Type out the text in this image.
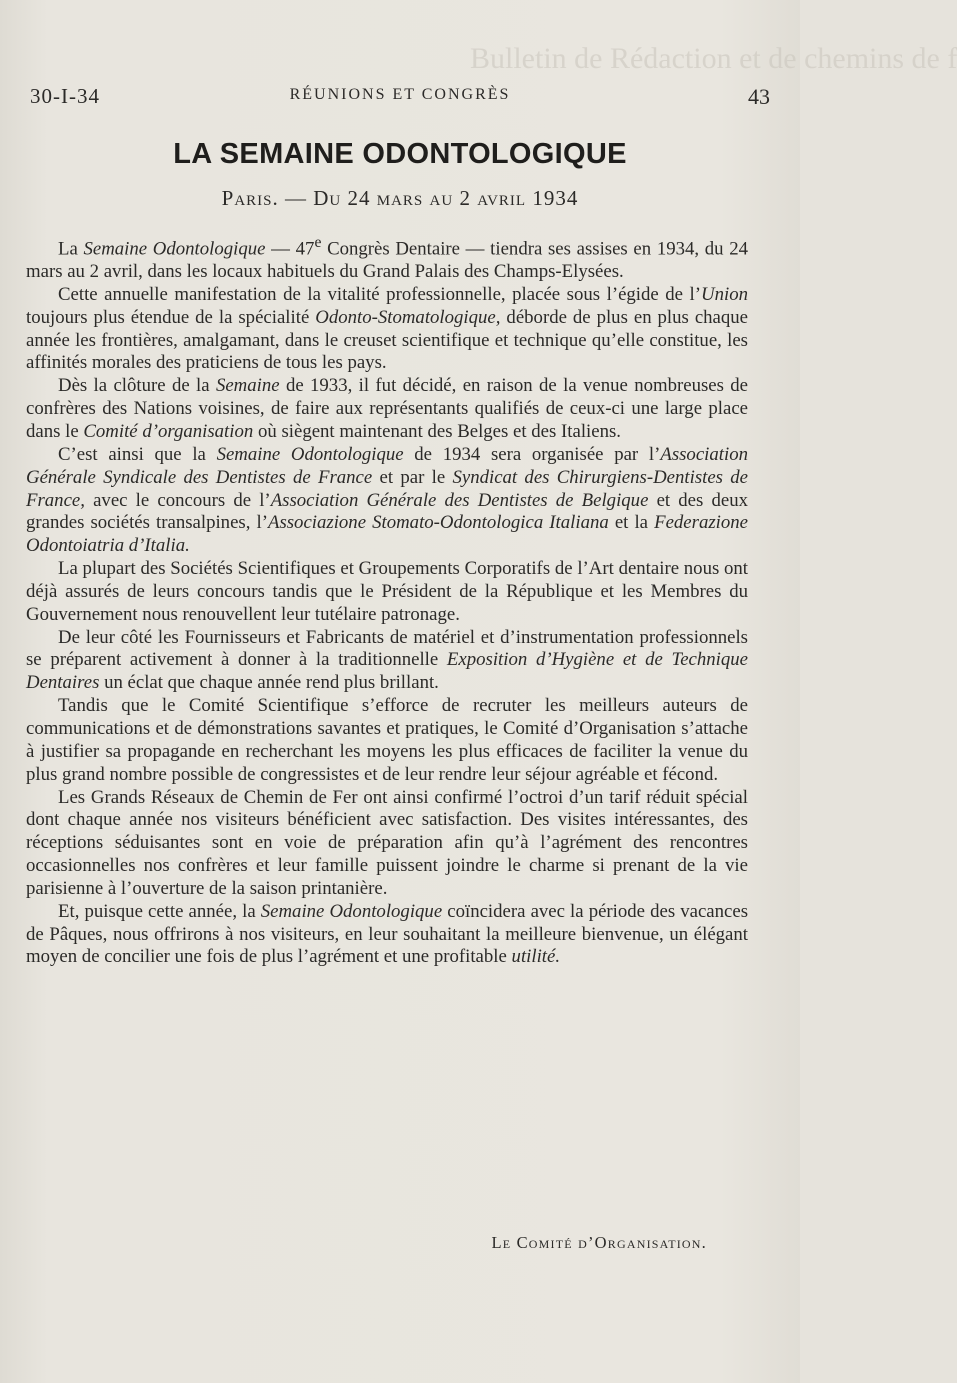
Bulletin de Rédaction et de chemins de f
30-I-34	RÉUNIONS ET CONGRÈS	43
LA SEMAINE ODONTOLOGIQUE
Paris. — Du 24 mars au 2 avril 1934

La Semaine Odontologique — 47e Congrès Dentaire — tiendra ses assises en 1934, du 24 mars au 2 avril, dans les locaux habituels du Grand Palais des Champs-Elysées.

Cette annuelle manifestation de la vitalité professionnelle, placée sous l’égide de l’Union toujours plus étendue de la spécialité Odonto-Stomatologique, déborde de plus en plus chaque année les frontières, amalgamant, dans le creuset scientifique et technique qu’elle constitue, les affinités morales des praticiens de tous les pays.

Dès la clôture de la Semaine de 1933, il fut décidé, en raison de la venue nombreuses de confrères des Nations voisines, de faire aux représentants qualifiés de ceux-ci une large place dans le Comité d’organisation où siègent maintenant des Belges et des Italiens.

C’est ainsi que la Semaine Odontologique de 1934 sera organisée par l’Association Générale Syndicale des Dentistes de France et par le Syndicat des Chirurgiens-Dentistes de France, avec le concours de l’Association Générale des Dentistes de Belgique et des deux grandes sociétés transalpines, l’Associazione Stomato-Odontologica Italiana et la Federazione Odontoiatria d’Italia.

La plupart des Sociétés Scientifiques et Groupements Corporatifs de l’Art dentaire nous ont déjà assurés de leurs concours tandis que le Président de la République et les Membres du Gouvernement nous renouvellent leur tutélaire patronage.

De leur côté les Fournisseurs et Fabricants de matériel et d’instrumentation professionnels se préparent activement à donner à la traditionnelle Exposition d’Hygiène et de Technique Dentaires un éclat que chaque année rend plus brillant.

Tandis que le Comité Scientifique s’efforce de recruter les meilleurs auteurs de communications et de démonstrations savantes et pratiques, le Comité d’Organisation s’attache à justifier sa propagande en recherchant les moyens les plus efficaces de faciliter la venue du plus grand nombre possible de congressistes et de leur rendre leur séjour agréable et fécond.

Les Grands Réseaux de Chemin de Fer ont ainsi confirmé l’octroi d’un tarif réduit spécial dont chaque année nos visiteurs bénéficient avec satisfaction. Des visites intéressantes, des réceptions séduisantes sont en voie de préparation afin qu’à l’agrément des rencontres occasionnelles nos confrères et leur famille puissent joindre le charme si prenant de la vie parisienne à l’ouverture de la saison printanière.

Et, puisque cette année, la Semaine Odontologique coïncidera avec la période des vacances de Pâques, nous offrirons à nos visiteurs, en leur souhaitant la meilleure bienvenue, un élégant moyen de concilier une fois de plus l’agrément et une profitable utilité.

Le Comité d’Organisation.
